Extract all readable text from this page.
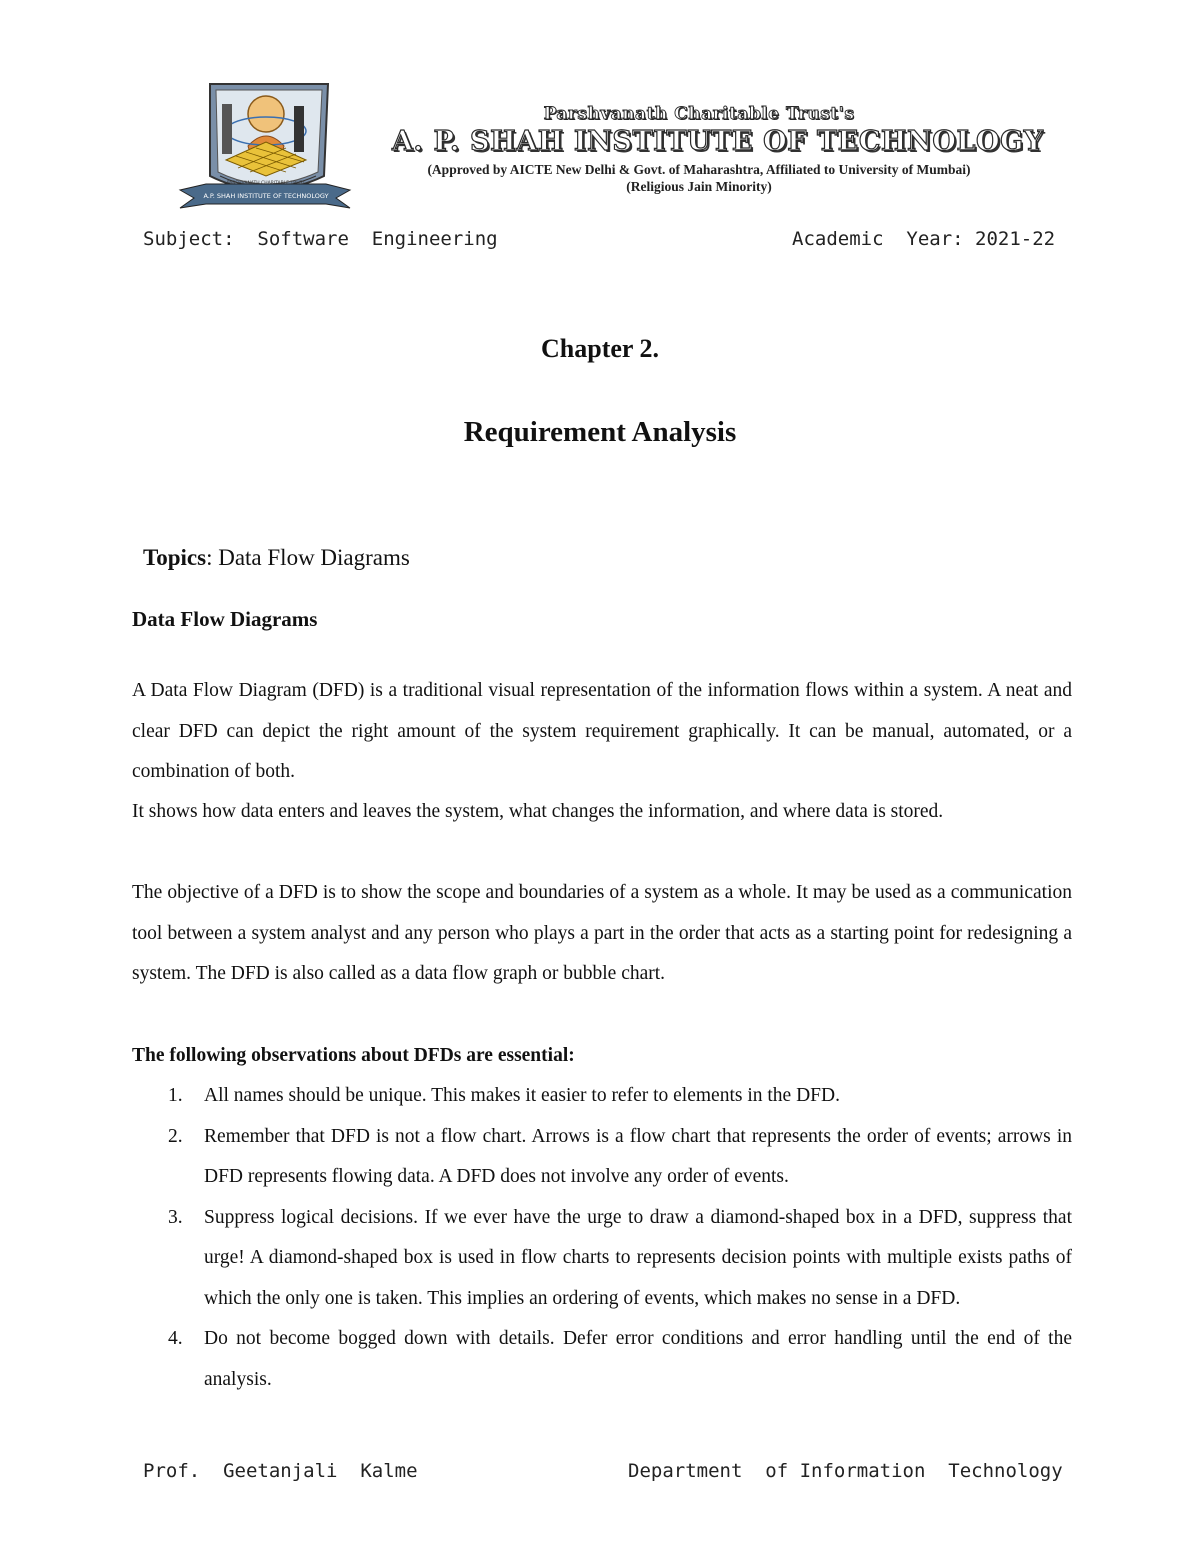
A.P. SHAH INSTITUTE OF TECHNOLOGY
PARSHVANATH CHARITABLE TRUST
Parshvanath Charitable Trust's
A. P. SHAH INSTITUTE OF TECHNOLOGY
(Approved by AICTE New Delhi & Govt. of Maharashtra, Affiliated to University of Mumbai)
(Religious Jain Minority)
Subject:  Software  Engineering	Academic  Year: 2021-22
Chapter 2.
Requirement Analysis
Topics: Data Flow Diagrams
Data Flow Diagrams
A Data Flow Diagram (DFD) is a traditional visual representation of the information flows within a system. A neat and clear DFD can depict the right amount of the system requirement graphically. It can be manual, automated, or a combination of both.
It shows how data enters and leaves the system, what changes the information, and where data is stored.
The objective of a DFD is to show the scope and boundaries of a system as a whole. It may be used as a communication tool between a system analyst and any person who plays a part in the order that acts as a starting point for redesigning a system. The DFD is also called as a data flow graph or bubble chart.
The following observations about DFDs are essential:
1. All names should be unique. This makes it easier to refer to elements in the DFD.
2. Remember that DFD is not a flow chart. Arrows is a flow chart that represents the order of events; arrows in DFD represents flowing data. A DFD does not involve any order of events.
3. Suppress logical decisions. If we ever have the urge to draw a diamond-shaped box in a DFD, suppress that urge! A diamond-shaped box is used in flow charts to represents decision points with multiple exists paths of which the only one is taken. This implies an ordering of events, which makes no sense in a DFD.
4. Do not become bogged down with details. Defer error conditions and error handling until the end of the analysis.
Prof.  Geetanjali  Kalme	Department  of Information  Technology
